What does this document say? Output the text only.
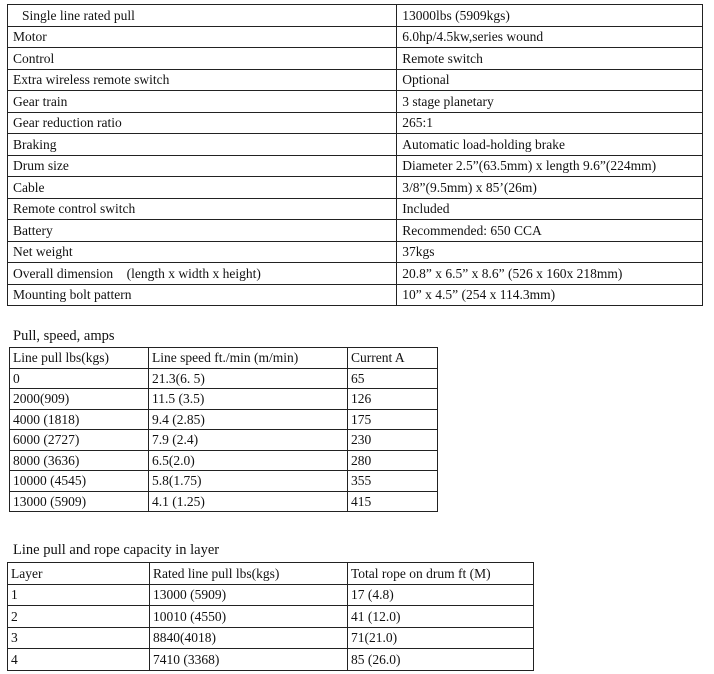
Single line rated pull	13000lbs (5909kgs)
Motor	6.0hp/4.5kw,series wound
Control	Remote switch
Extra wireless remote switch	Optional
Gear train	3 stage planetary
Gear reduction ratio	265:1
Braking	Automatic load-holding brake
Drum size	Diameter 2.5”(63.5mm) x length 9.6”(224mm)
Cable	3/8”(9.5mm) x 85’(26m)
Remote control switch	Included
Battery	Recommended: 650 CCA
Net weight	37kgs
Overall dimension    (length x width x height)	20.8” x 6.5” x 8.6” (526 x 160x 218mm)
Mounting bolt pattern	10” x 4.5” (254 x 114.3mm)
Pull, speed, amps
Line pull lbs(kgs)	Line speed ft./min (m/min)	Current A
0	21.3(6. 5)	65
2000(909)	11.5 (3.5)	126
4000 (1818)	9.4 (2.85)	175
6000 (2727)	7.9 (2.4)	230
8000 (3636)	6.5(2.0)	280
10000 (4545)	5.8(1.75)	355
13000 (5909)	4.1 (1.25)	415
Line pull and rope capacity in layer
Layer	Rated line pull lbs(kgs)	Total rope on drum ft (M)
1	13000 (5909)	17 (4.8)
2	10010 (4550)	41 (12.0)
3	8840(4018)	71(21.0)
4	7410 (3368)	85 (26.0)
